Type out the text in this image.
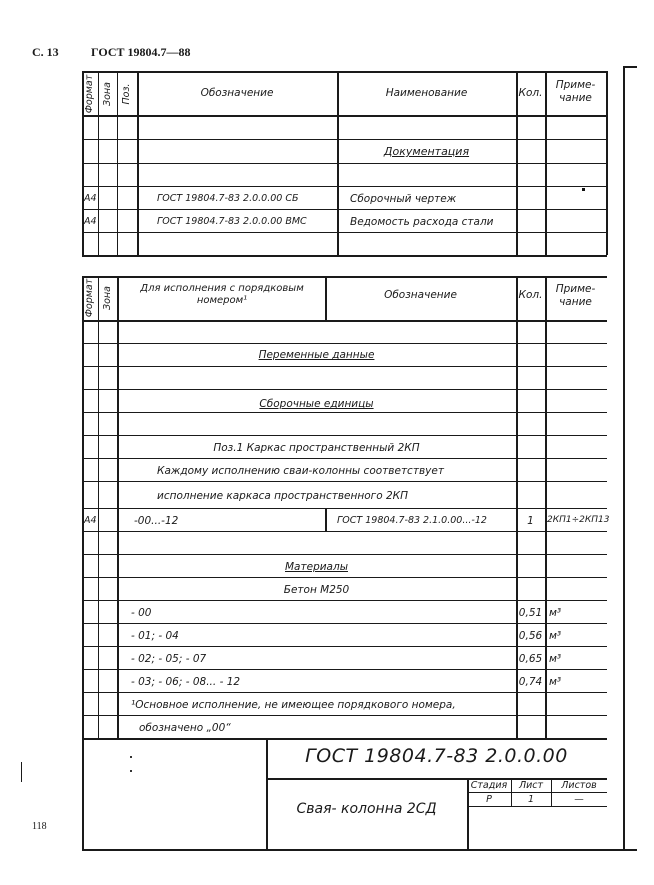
С. 13	ГОСТ 19804.7—88
118
Формат Зона Поз.	Обозначение	Наименование	Кол.
Приме-
чание
Документация
А4	ГОСТ 19804.7-83 2.0.0.00 СБ	Сборочный чертеж
А4	ГОСТ 19804.7-83 2.0.0.00 ВМС	Ведомость расхода стали
Формат Зона	Для исполнения с порядковым номером¹	Обозначение	Кол.	Приме-
чание
Переменные данные
Сборочные единицы
Поз.1 Каркас пространственный 2КП
Каждому исполнению сваи-колонны соответствует
исполнение каркаса пространственного 2КП
А4	-00...-12	ГОСТ 19804.7-83 2.1.0.00...-12	1	2КП1÷2КП13
Материалы
Бетон М250
- 00	0,51 м³
- 01; - 04	0,56 м³
- 02; - 05; - 07	0,65 м³
- 03; - 06; - 08... - 12	0,74 м³
¹Основное исполнение, не имеющее порядкового номера,
обозначено „00“
ГОСТ 19804.7-83 2.0.0.00
Свая- колонна 2СД
Стадия	Лист	Листов
Р	1	—
